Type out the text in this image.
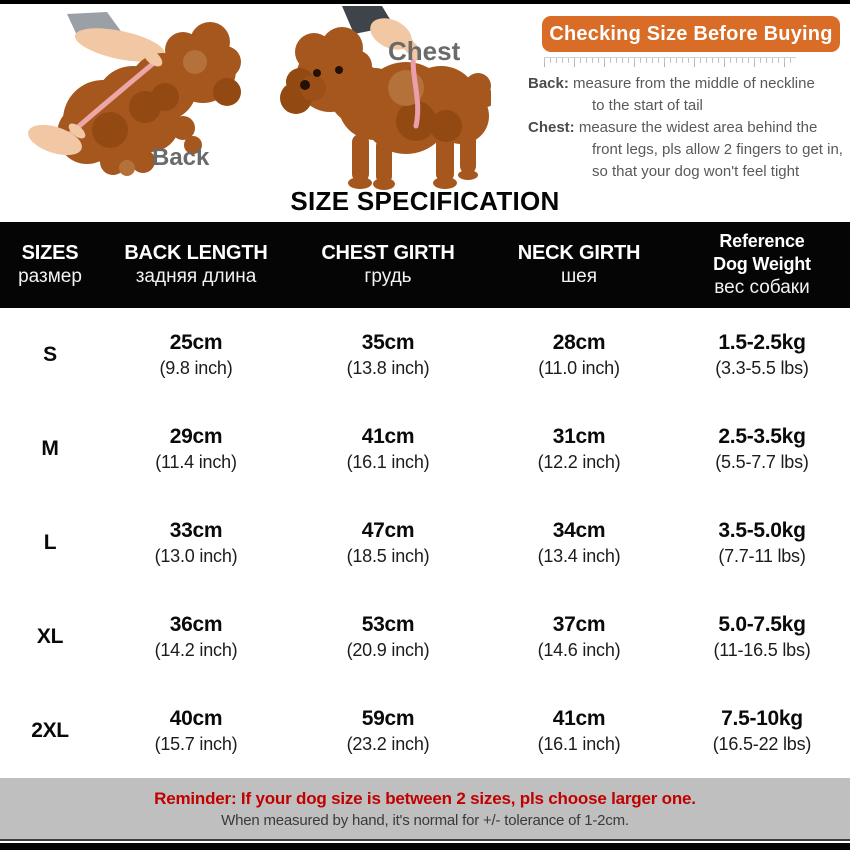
Back
Chest
Checking Size Before Buying
Back: measure from the middle of neckline
to the start of tail
Chest: measure the widest area behind the
front legs, pls allow 2 fingers to get in,
so that your dog won't feel tight
SIZE SPECIFICATION
SIZES
размер
BACK LENGTH
задняя длина
CHEST GIRTH
грудь
NECK GIRTH
шея
Reference Dog Weight
вес собаки
S
25cm
(9.8 inch)
35cm
(13.8 inch)
28cm
(11.0 inch)
1.5-2.5kg
(3.3-5.5 lbs)
M
29cm
(11.4 inch)
41cm
(16.1 inch)
31cm
(12.2 inch)
2.5-3.5kg
(5.5-7.7 lbs)
L
33cm
(13.0 inch)
47cm
(18.5 inch)
34cm
(13.4 inch)
3.5-5.0kg
(7.7-11 lbs)
XL
36cm
(14.2 inch)
53cm
(20.9 inch)
37cm
(14.6 inch)
5.0-7.5kg
(11-16.5 lbs)
2XL
40cm
(15.7 inch)
59cm
(23.2 inch)
41cm
(16.1 inch)
7.5-10kg
(16.5-22 lbs)
Reminder: If your dog size is between 2 sizes, pls choose larger one.
When measured by hand, it's normal for +/- tolerance of 1-2cm.
